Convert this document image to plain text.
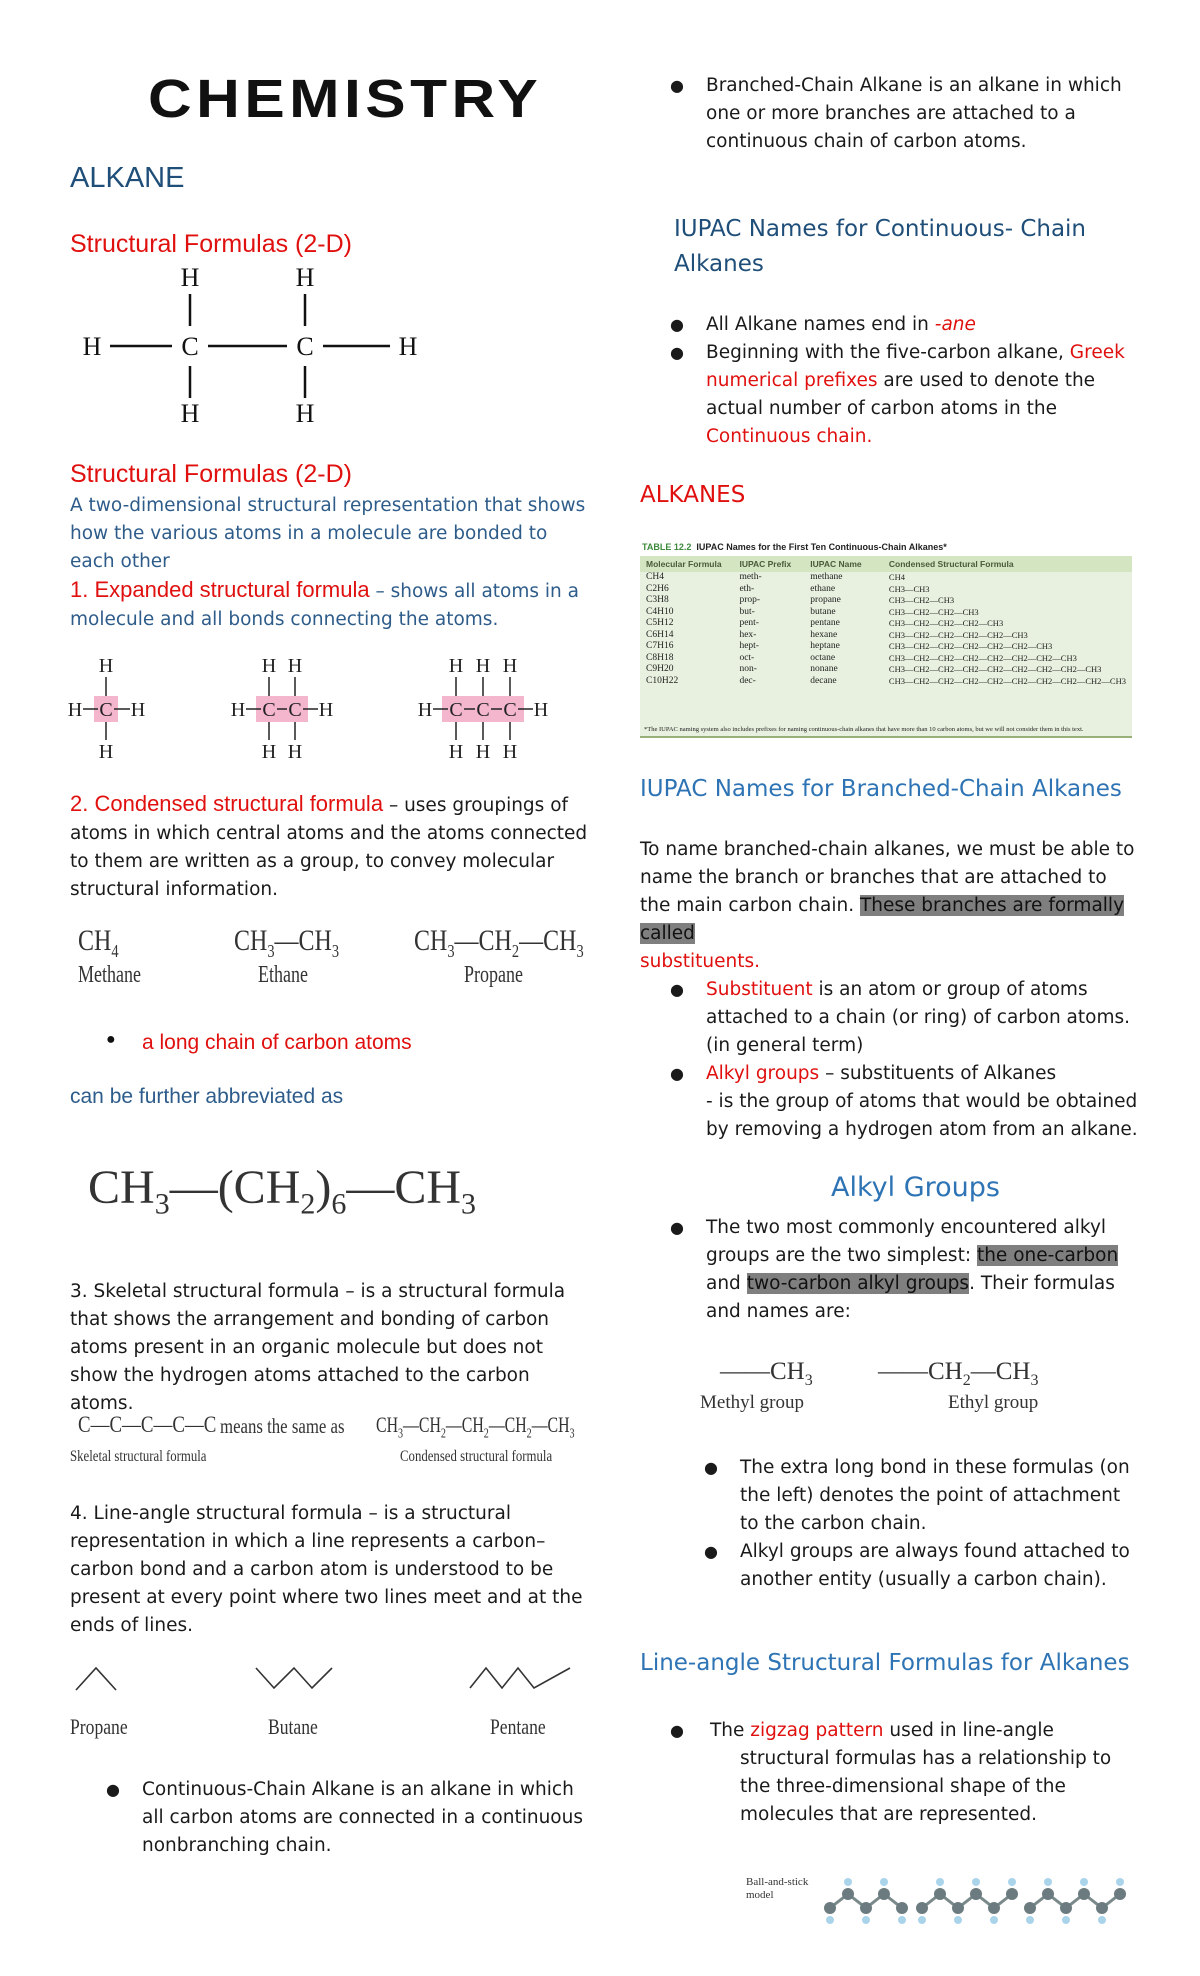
CHEMISTRY
ALKANE
Structural Formulas (2-D)
H	H
H	C	C	H
H	H
Structural Formulas (2-D)

A two-dimensional structural representation that shows how the various atoms in a molecule are bonded to each other

1. Expanded structural formula – shows all atoms in a molecule and all bonds connecting the atoms.

H
H C H
H
H H
H C C H
H H
H H H
H C C C H
H H H

2. Condensed structural formula – uses groupings of atoms in which central atoms and the atoms connected to them are written as a group, to convey molecular structural information.

$CH_4$
Methane
$CH_3—CH_3$
Ethane
$CH_3—CH_2—CH_3$
Propane
● a long chain of carbon atoms
can be further abbreviated as
$CH_3—(CH_2)_6—CH_3$

3. Skeletal structural formula – is a structural formula that shows the arrangement and bonding of carbon atoms present in an organic molecule but does not show the hydrogen atoms attached to the carbon atoms.

C—C—C—C—C means the same as $CH_3—CH_2—CH_2—CH_2—CH_3$
Skeletal structural formula	Condensed structural formula

4. Line-angle structural formula – is a structural representation in which a line represents a carbon–carbon bond and a carbon atom is understood to be present at every point where two lines meet and at the ends of lines.

Propane	Butane	Pentane
● Continuous-Chain Alkane is an alkane in which all carbon atoms are connected in a continuous nonbranching chain.
● Branched-Chain Alkane is an alkane in which one or more branches are attached to a continuous chain of carbon atoms.
IUPAC Names for Continuous- Chain Alkanes
● All Alkane names end in -ane
● Beginning with the five-carbon alkane, Greek numerical prefixes are used to denote the actual number of carbon atoms in the Continuous chain.
ALKANES
TABLE 12.2 IUPAC Names for the First Ten Continuous-Chain Alkanes*
Molecular Formula	IUPAC Prefix	IUPAC Name	Condensed Structural Formula
CH4	meth-	methane	CH4
C2H6	eth-	ethane	CH3—CH3
C3H8	prop-	propane	CH3—CH2—CH3
C4H10	but-	butane	CH3—CH2—CH2—CH3
C5H12	pent-	pentane	CH3—CH2—CH2—CH2—CH3
C6H14	hex-	hexane	CH3—CH2—CH2—CH2—CH2—CH3
C7H16	hept-	heptane	CH3—CH2—CH2—CH2—CH2—CH2—CH3
C8H18	oct-	octane	CH3—CH2—CH2—CH2—CH2—CH2—CH2—CH3
C9H20	non-	nonane	CH3—CH2—CH2—CH2—CH2—CH2—CH2—CH2—CH3
C10H22	dec-	decane	CH3—CH2—CH2—CH2—CH2—CH2—CH2—CH2—CH2—CH3
*The IUPAC naming system also includes prefixes for naming continuous-chain alkanes that have more than 10 carbon atoms, but we will not consider them in this text.
IUPAC Names for Branched-Chain Alkanes

To name branched-chain alkanes, we must be able to name the branch or branches that are attached to the main carbon chain. These branches are formally called
substituents.

● Substituent is an atom or group of atoms attached to a chain (or ring) of carbon atoms. (in general term)
● Alkyl groups – substituents of Alkanes
- is the group of atoms that would be obtained by removing a hydrogen atom from an alkane.
Alkyl Groups
● The two most commonly encountered alkyl groups are the two simplest: the one-carbon and two-carbon alkyl groups. Their formulas and names are:
$——CH_3$	$——CH_2—CH_3$
Methyl group	Ethyl group
● The extra long bond in these formulas (on the left) denotes the point of attachment to the carbon chain.
● Alkyl groups are always found attached to another entity (usually a carbon chain).
Line-angle Structural Formulas for Alkanes
● The zigzag pattern used in line-angle structural formulas has a relationship to the three-dimensional shape of the molecules that are represented.
Ball-and-stick model
